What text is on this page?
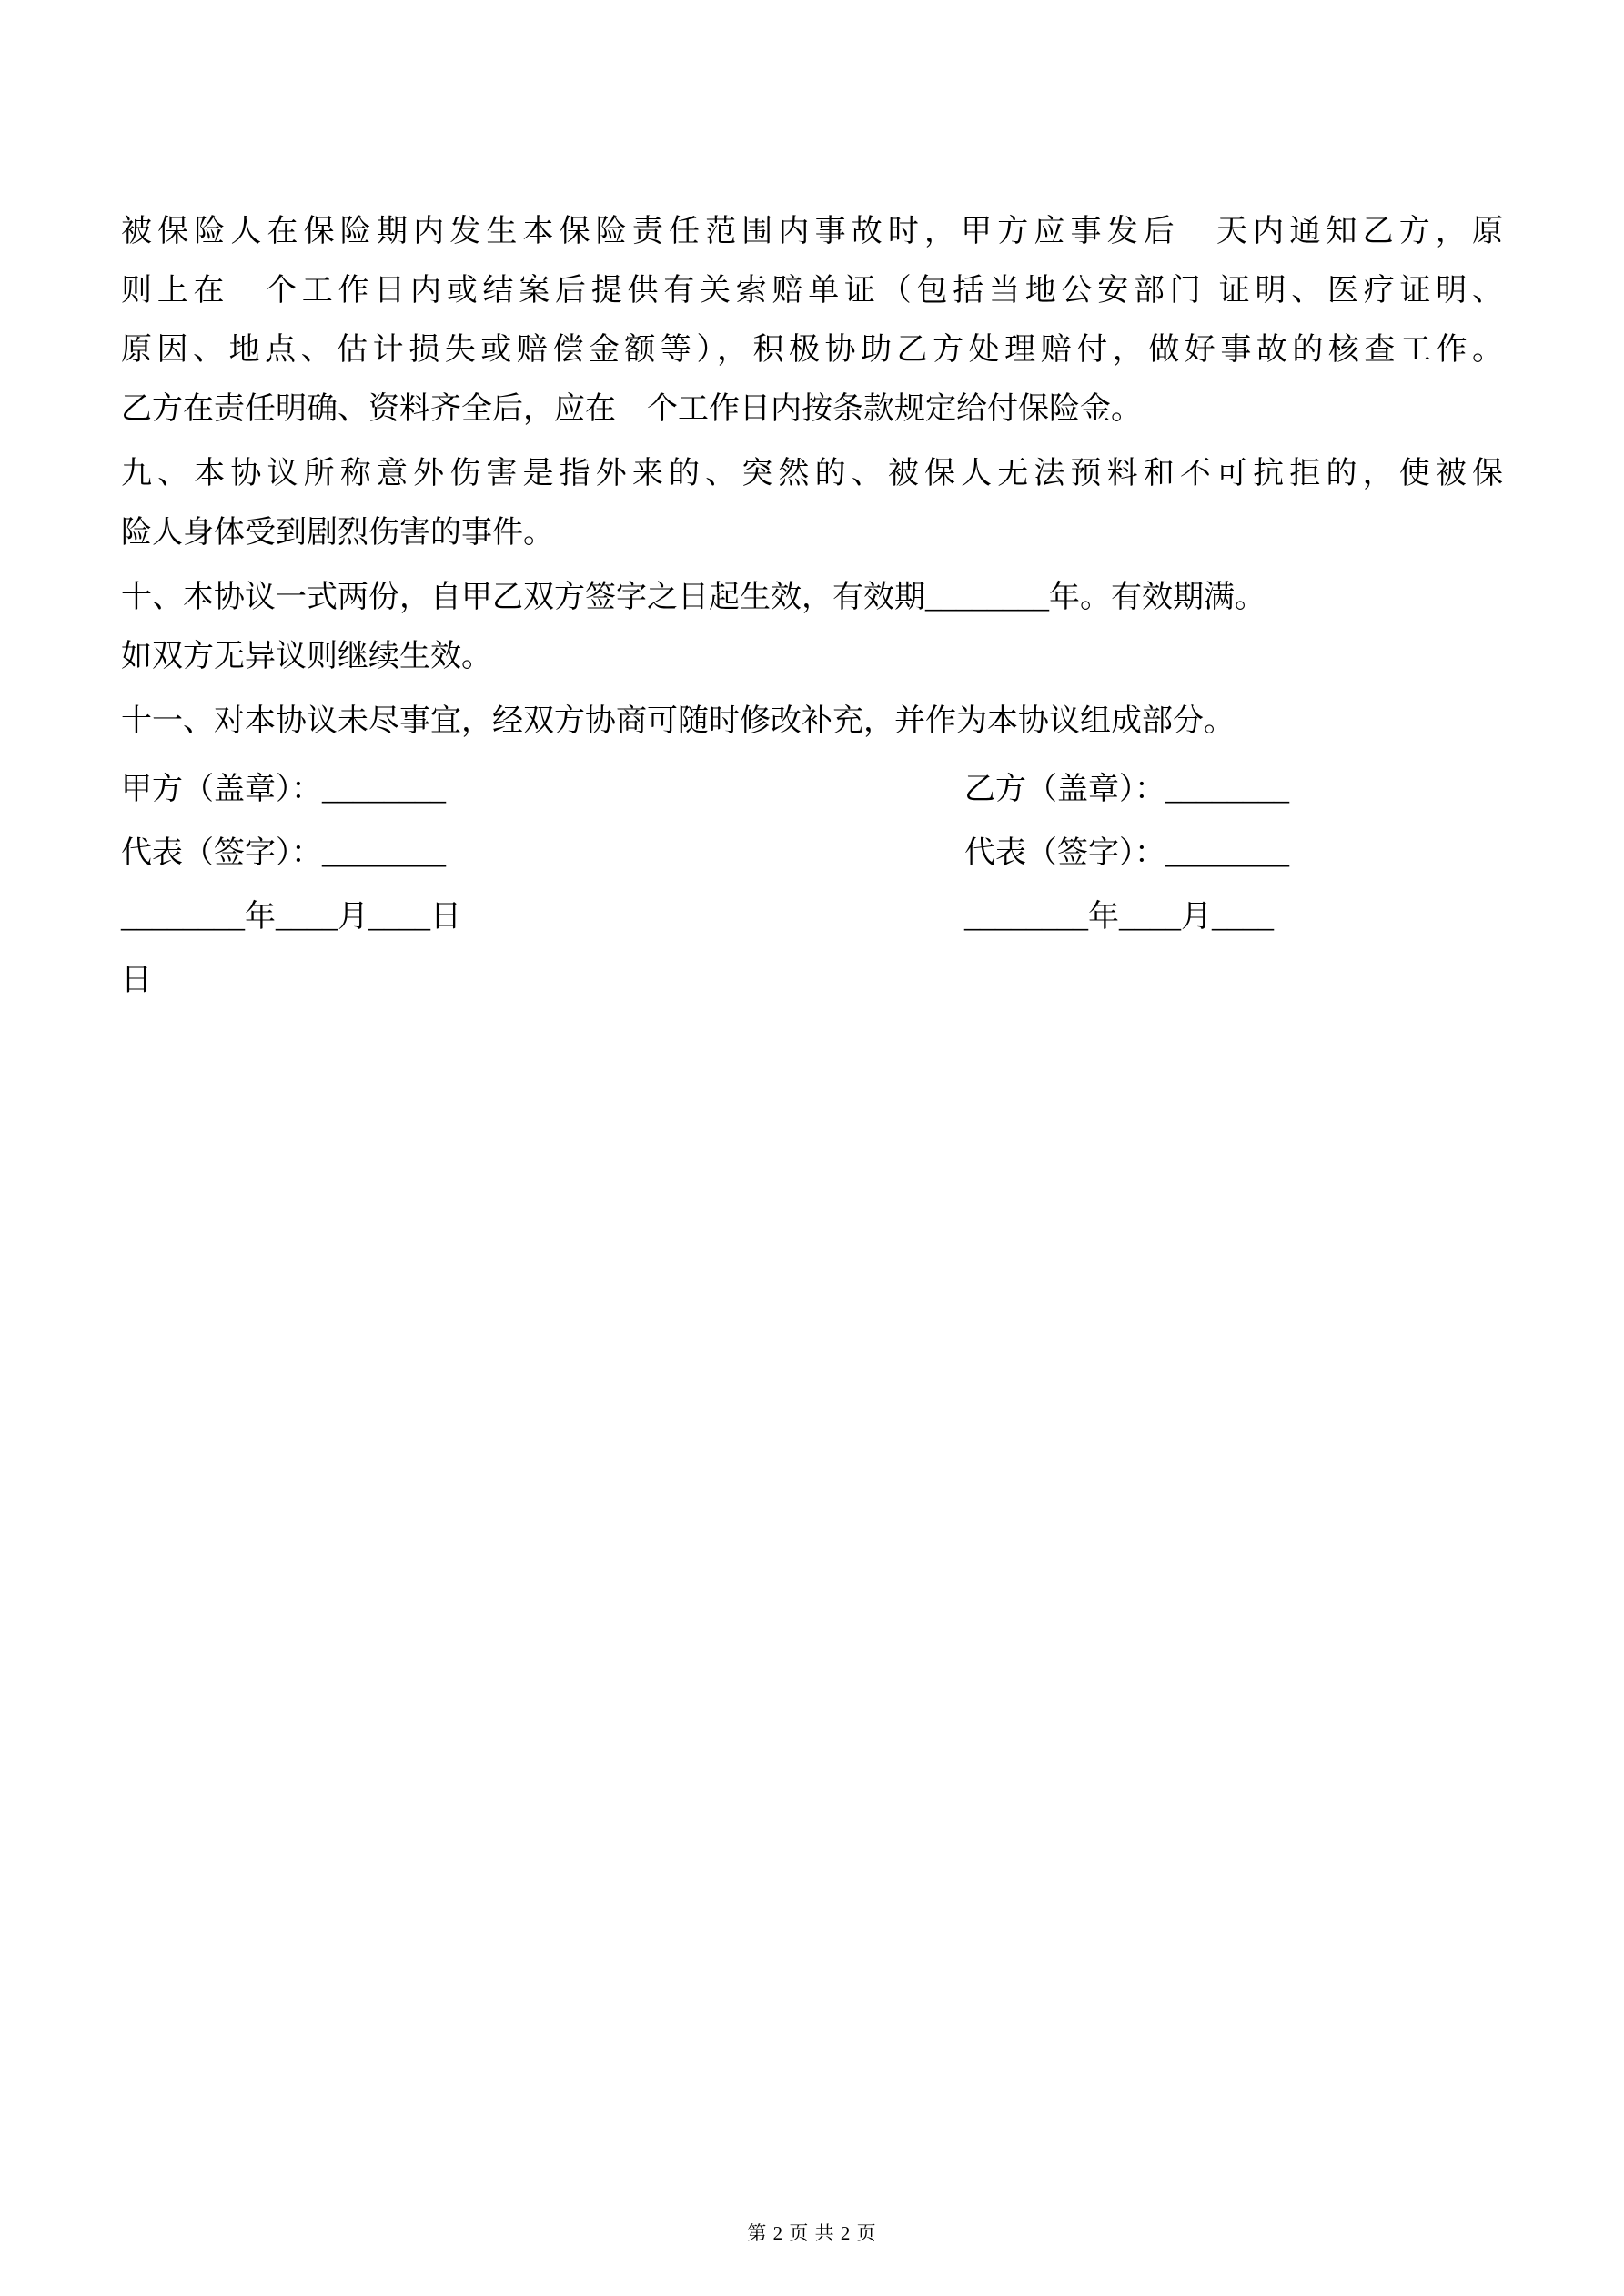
被保险人在保险期内发生本保险责任范围内事故时，甲方应事发后　天内通知乙方，原
则上在　个工作日内或结案后提供有关索赔单证（包括当地公安部门 证明、医疗证明、
原因、地点、估计损失或赔偿金额等），积极协助乙方处理赔付，做好事故的核查工作。
乙方在责任明确、资料齐全后，应在　个工作日内按条款规定给付保险金。
九、本协议所称意外伤害是指外来的、突然的、被保人无法预料和不可抗拒的，使被保
险人身体受到剧烈伤害的事件。
十、本协议一式两份，自甲乙双方签字之日起生效，有效期________年。有效期满。
如双方无异议则继续生效。
十一、对本协议未尽事宜，经双方协商可随时修改补充，并作为本协议组成部分。
甲方（盖章）：________	乙方（盖章）：________
代表（签字）：________	代表（签字）：________
________年____月____日	________年____月____
日
第 2 页 共 2 页
